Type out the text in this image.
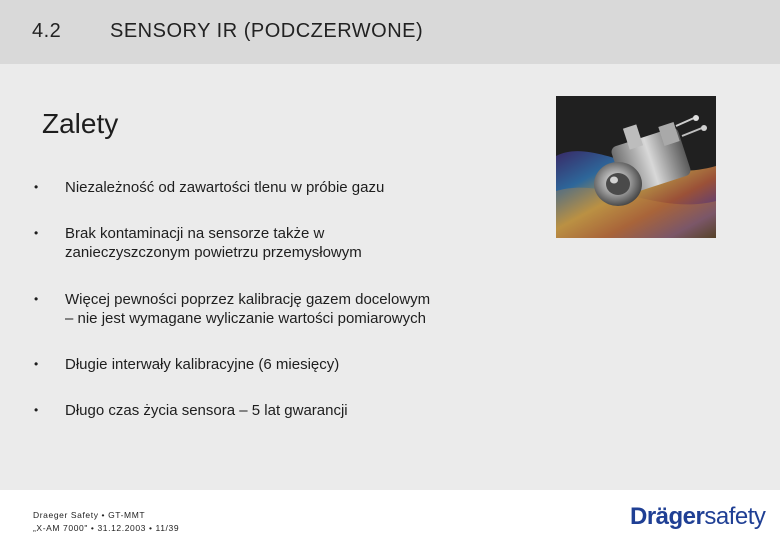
4.2 SENSORY IR (PODCZERWONE)
Zalety
• Niezależność od zawartości tlenu w próbie gazu
• Brak kontaminacji na sensorze także w
zanieczyszczonym powietrzu przemysłowym
• Więcej pewności poprzez kalibrację gazem docelowym
– nie jest wymagane wyliczanie wartości pomiarowych
• Długie interwały kalibracyjne (6 miesięcy)
• Długo czas życia sensora – 5 lat gwarancji
Draeger Safety • GT-MMT
„X-AM 7000" • 31.12.2003 • 11/39	Drägersafety
